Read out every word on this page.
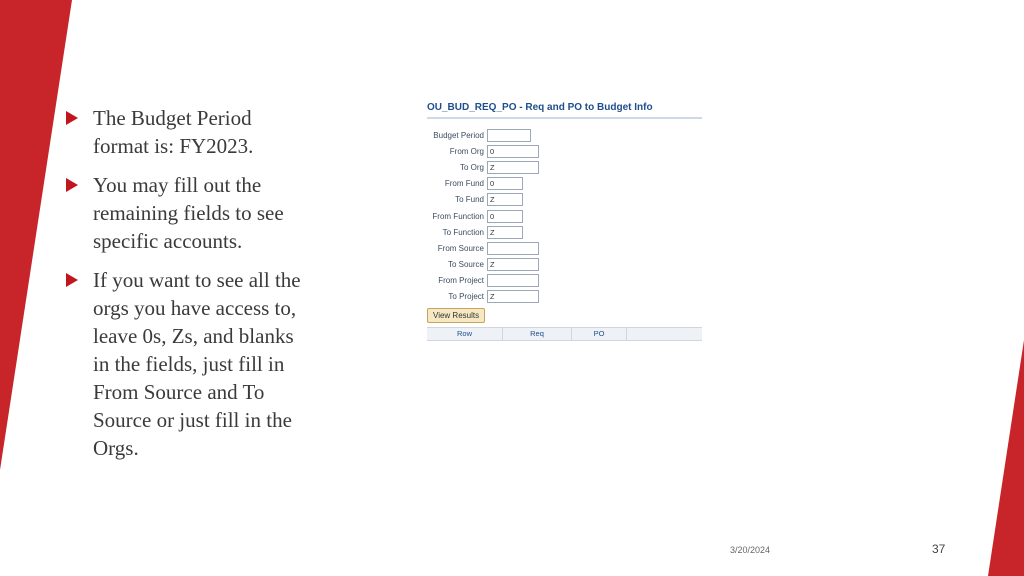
The Budget Period format is: FY2023.
You may fill out the remaining fields to see specific accounts.
If you want to see all the orgs you have access to, leave 0s, Zs, and blanks in the fields, just fill in From Source and To Source or just fill in the Orgs.
OU_BUD_REQ_PO - Req and PO to Budget Info
Budget Period
From Org 0
To Org Z
From Fund 0
To Fund Z
From Function 0
To Function Z
From Source
To Source Z
From Project
To Project Z
View Results
Row	Req	PO
3/20/2024	37
